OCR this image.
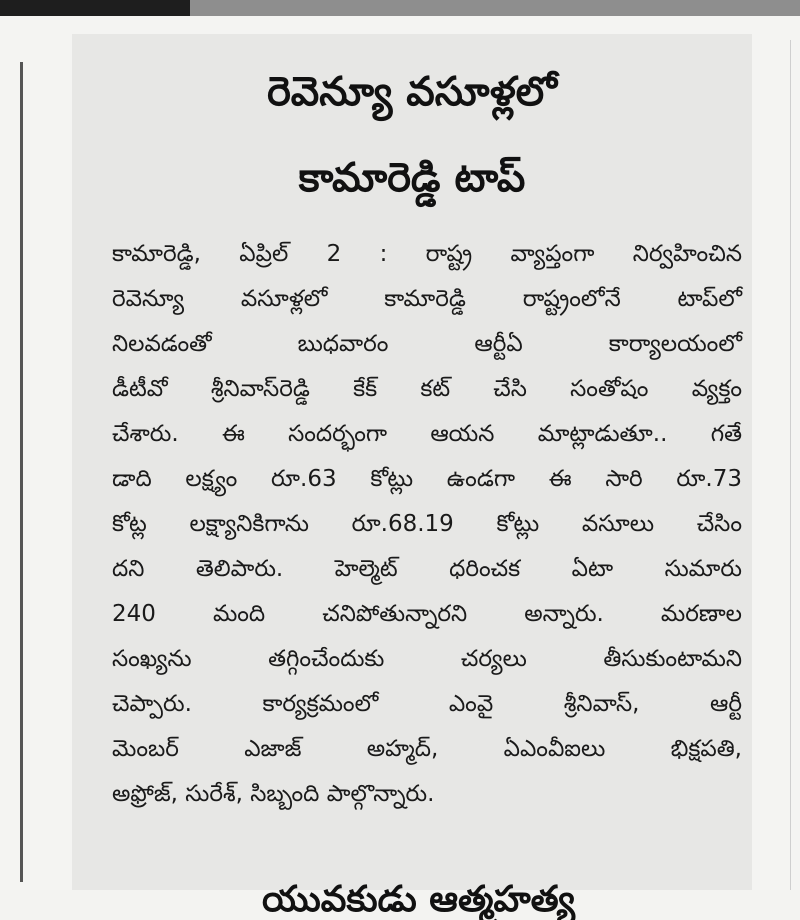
రెవెన్యూ వసూళ్లలో
కామారెడ్డి టాప్
కామారెడ్డి, ఏప్రిల్ 2 : రాష్ట్ర వ్యాప్తంగా నిర్వహించిన
రెవెన్యూ వసూళ్లలో కామారెడ్డి రాష్ట్రంలోనే టాప్‌లో
నిలవడంతో బుధవారం ఆర్టీఏ కార్యాలయంలో
డీటీవో శ్రీనివాస్‌రెడ్డి కేక్ కట్ చేసి సంతోషం వ్యక్తం
చేశారు. ఈ సందర్భంగా ఆయన మాట్లాడుతూ.. గతే
డాది లక్ష్యం రూ.63 కోట్లు ఉండగా ఈ సారి రూ.73
కోట్ల లక్ష్యానికిగాను రూ.68.19 కోట్లు వసూలు చేసిం
దని తెలిపారు. హెల్మెట్ ధరించక ఏటా సుమారు
240 మంది చనిపోతున్నారని అన్నారు. మరణాల
సంఖ్యను తగ్గించేందుకు చర్యలు తీసుకుంటామని
చెప్పారు. కార్యక్రమంలో ఎంవై శ్రీనివాస్, ఆర్టీ
మెంబర్ ఎజాజ్ అహ్మద్, ఏఎంవీఐలు భిక్షపతి,
అఫ్రోజ్, సురేశ్, సిబ్బంది పాల్గొన్నారు.
యువకుడు ఆత్మహత్య
